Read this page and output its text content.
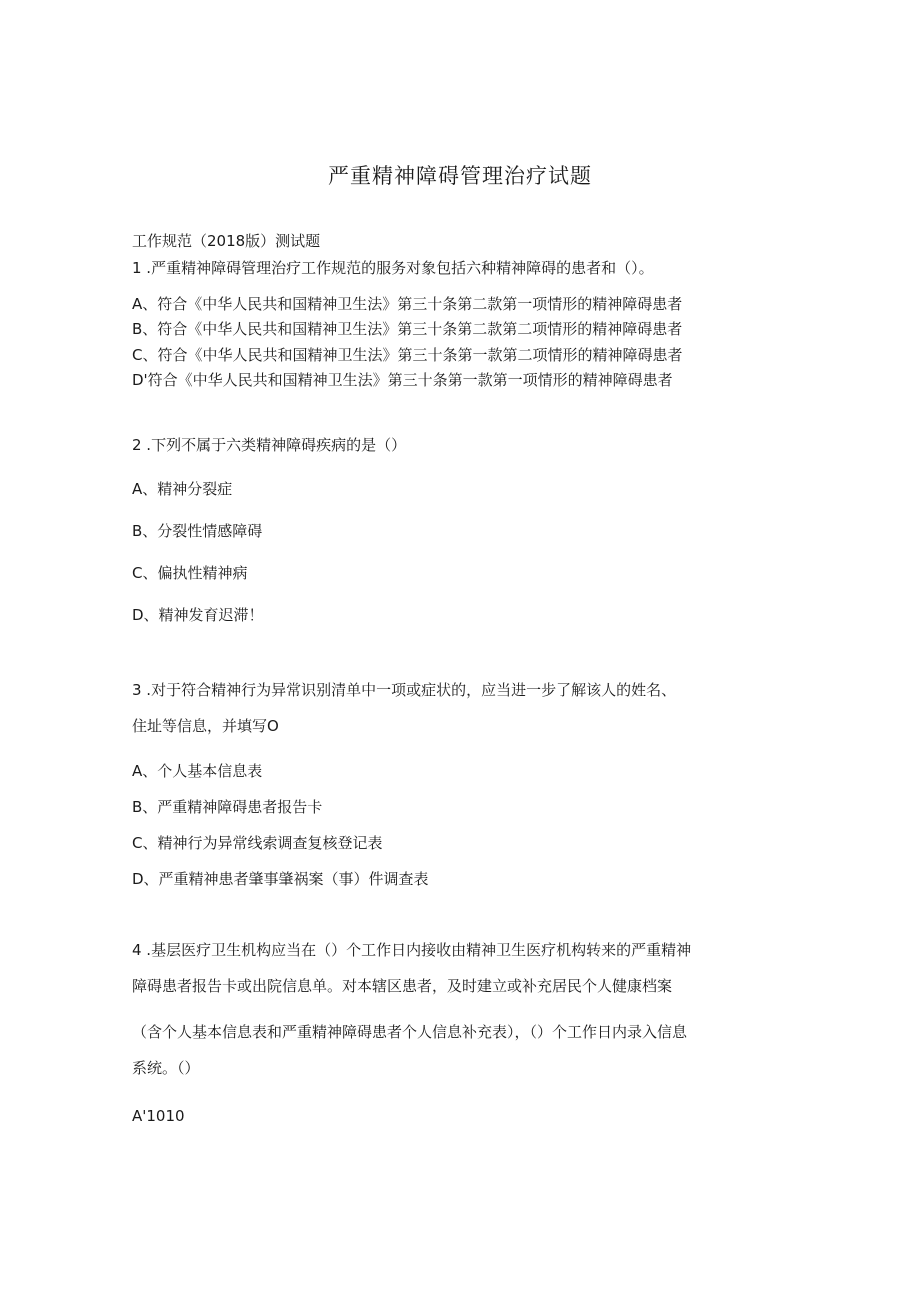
严重精神障碍管理治疗试题
工作规范（2018版）测试题
1 .严重精神障碍管理治疗工作规范的服务对象包括六种精神障碍的患者和（）。
A、符合《中华人民共和国精神卫生法》第三十条第二款第一项情形的精神障碍患者
B、符合《中华人民共和国精神卫生法》第三十条第二款第二项情形的精神障碍患者
C、符合《中华人民共和国精神卫生法》第三十条第一款第二项情形的精神障碍患者
D'符合《中华人民共和国精神卫生法》第三十条第一款第一项情形的精神障碍患者
2 .下列不属于六类精神障碍疾病的是（）
A、精神分裂症
B、分裂性情感障碍
C、偏执性精神病
D、精神发育迟滞！
3 .对于符合精神行为异常识别清单中一项或症状的，应当进一步了解该人的姓名、
住址等信息，并填写O
A、个人基本信息表
B、严重精神障碍患者报告卡
C、精神行为异常线索调查复核登记表
D、严重精神患者肇事肇祸案（事）件调查表
4 .基层医疗卫生机构应当在（）个工作日内接收由精神卫生医疗机构转来的严重精神
障碍患者报告卡或出院信息单。对本辖区患者，及时建立或补充居民个人健康档案
（含个人基本信息表和严重精神障碍患者个人信息补充表），（）个工作日内录入信息
系统。（）
A'1010
